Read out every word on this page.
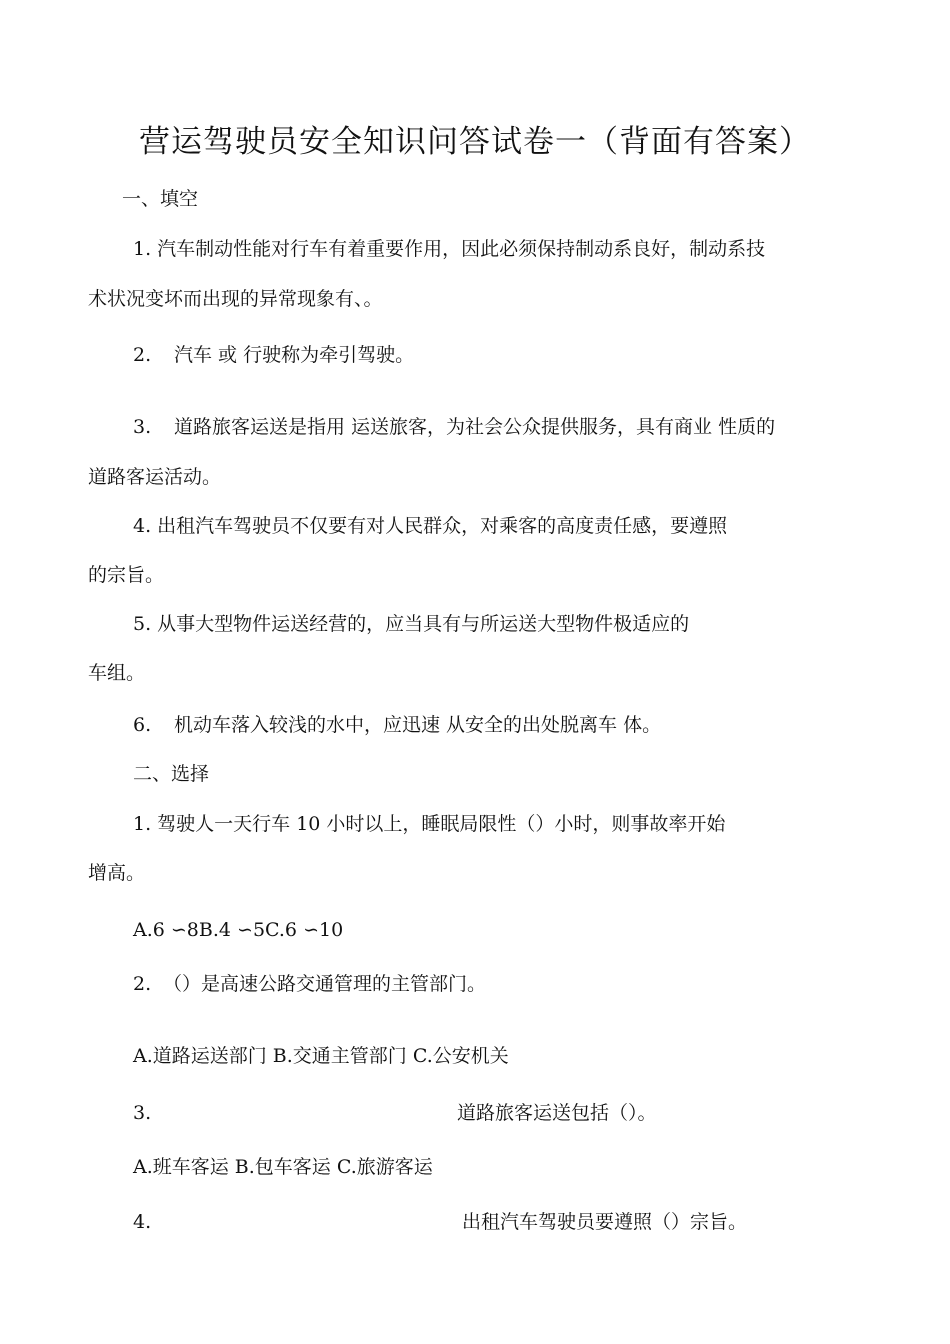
营运驾驶员安全知识问答试卷一（背面有答案）
一、填空
1. 汽车制动性能对行车有着重要作用，因此必须保持制动系良好，制动系技
术状况变坏而出现的异常现象有、。
2. 汽车 或 行驶称为牵引驾驶。
3. 道路旅客运送是指用 运送旅客，为社会公众提供服务，具有商业 性质的
道路客运活动。
4. 出租汽车驾驶员不仅要有对人民群众，对乘客的高度责任感，要遵照
的宗旨。
5. 从事大型物件运送经营的，应当具有与所运送大型物件极适应的
车组。
6. 机动车落入较浅的水中，应迅速 从安全的出处脱离车 体。
二、选择
1. 驾驶人一天行车 10 小时以上，睡眠局限性（）小时，则事故率开始
增高。
A.6 ∽8B.4 ∽5C.6 ∽10
2. （）是高速公路交通管理的主管部门。
A.道路运送部门 B.交通主管部门 C.公安机关
3.	道路旅客运送包括（）。
A.班车客运 B.包车客运 C.旅游客运
4.	出租汽车驾驶员要遵照（）宗旨。
